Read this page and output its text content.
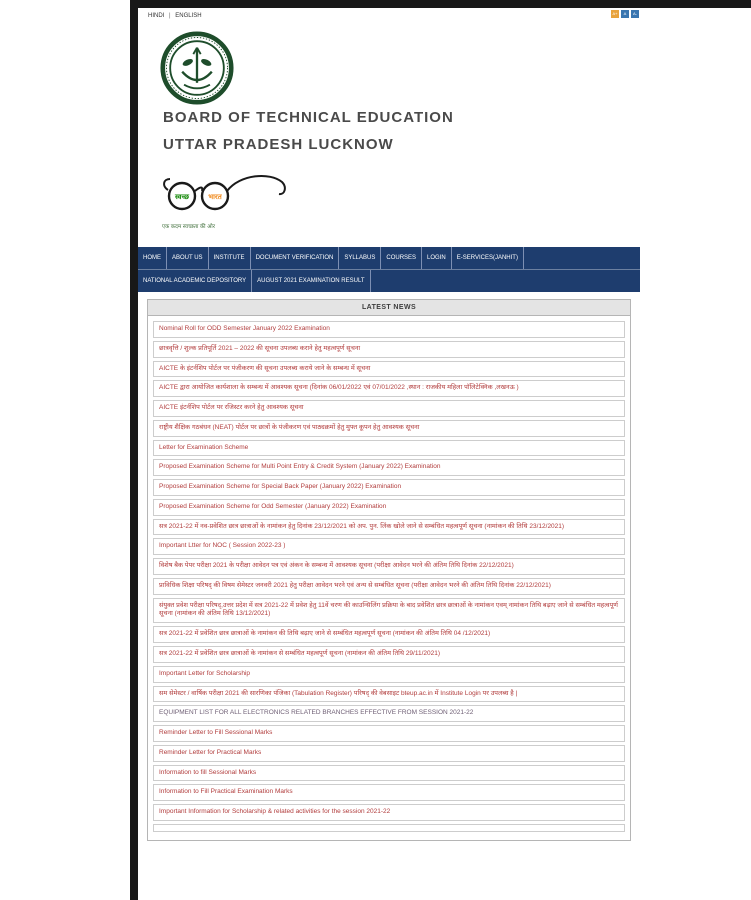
HINDI | ENGLISH	A+	A	A-
BOARD OF TECHNICAL EDUCATION
UTTAR PRADESH LUCKNOW
स्वच्छ	भारत
एक कदम स्वच्छता की ओर
HOME	ABOUT US	INSTITUTE	DOCUMENT VERIFICATION	SYLLABUS	COURSES	LOGIN	E-SERVICES(JANHIT)
NATIONAL ACADEMIC DEPOSITORY	AUGUST 2021 EXAMINATION RESULT
LATEST NEWS
Nominal Roll for ODD Semester January 2022 Examination
छात्रवृत्ति / शुल्क प्रतिपूर्ति 2021 – 2022 की सूचना उपलब्ध कराने हेतु महत्वपूर्ण सूचना
AICTE के इंटर्नशिप पोर्टल पर पंजीकरण की सूचना उपलब्ध कराये जाने के सम्बन्ध में सूचना
AICTE द्वारा आयोजित कार्यशाला के सम्बन्ध में आवश्यक सूचना (दिनांक 06/01/2022 एवं 07/01/2022 ,स्थान : राजकीय महिला पॉलिटेक्निक ,लखनऊ )
AICTE इंटर्नशिप पोर्टल पर रजिस्टर करने हेतु आवश्यक सूचना
राष्ट्रीय शैक्षिक गठबंधन (NEAT) पोर्टल पर छात्रों के पंजीकरण एवं पाठ्यक्रमों हेतु मुफ्त कूपन हेतु आवश्यक सूचना
Letter for Examination Scheme
Proposed Examination Scheme for Multi Point Entry & Credit System (January 2022) Examination
Proposed Examination Scheme for Special Back Paper (January 2022) Examination
Proposed Examination Scheme for Odd Semester (January 2022) Examination
सत्र 2021-22 में नव-प्रवेशित छात्र छात्राओं के नामांकन हेतु दिनांक 23/12/2021 को अप. पुन. लिंक खोले जाने से सम्बंधित महत्वपूर्ण सूचना (नामांकन की तिथि 23/12/2021)
Important Ltter for NOC ( Session 2022-23 )
विशेष बैक पेपर परीक्षा 2021 के परीक्षा आवेदन पत्र एवं अंकन के सम्बन्ध में आवश्यक सूचना (परीक्षा आवेदन भरने की अंतिम तिथि दिनांक 22/12/2021)
प्राविधिक शिक्षा परिषद् की विषम सेमेस्टर जनवरी 2021 हेतु परीक्षा आवेदन भरने एवं अन्य से सम्बंधित सूचना (परीक्षा आवेदन भरने की अंतिम तिथि दिनांक 22/12/2021)
संयुक्त प्रवेश परीक्षा परिषद्,उत्तर प्रदेश में सत्र 2021-22 में प्रवेश हेतु 11वें चरण की काउन्सिलिंग प्रक्रिया के बाद प्रवेशित छात्र छात्राओं के नामांकन एवम् नामांकन तिथि बढ़ाए जाने से सम्बंधित महत्वपूर्ण सूचना (नामांकन की अंतिम तिथि 13/12/2021)
सत्र 2021-22 में प्रवेशित छात्र छात्राओं के नामांकन की तिथि बढ़ाए जाने से सम्बंधित महत्वपूर्ण सूचना (नामांकन की अंतिम तिथि 04 /12/2021)
सत्र 2021-22 में प्रवेशित छात्र छात्राओं के नामांकन से सम्बंधित महत्वपूर्ण सूचना (नामांकन की अंतिम तिथि 29/11/2021)
Important Letter for Scholarship
सम सेमेस्टर / वार्षिक परीक्षा 2021 की सारणिका पंजिका (Tabulation Register) परिषद् की वेबसाइट bteup.ac.in में Institute Login पर उपलब्ध है |
EQUIPMENT LIST FOR ALL ELECTRONICS RELATED BRANCHES EFFECTIVE FROM SESSION 2021-22
Reminder Letter to Fill Sessional Marks
Reminder Letter for Practical Marks
Information to fill Sessional Marks
Information to Fill Practical Examination Marks
Important Information for Scholarship & related activities for the session 2021-22
